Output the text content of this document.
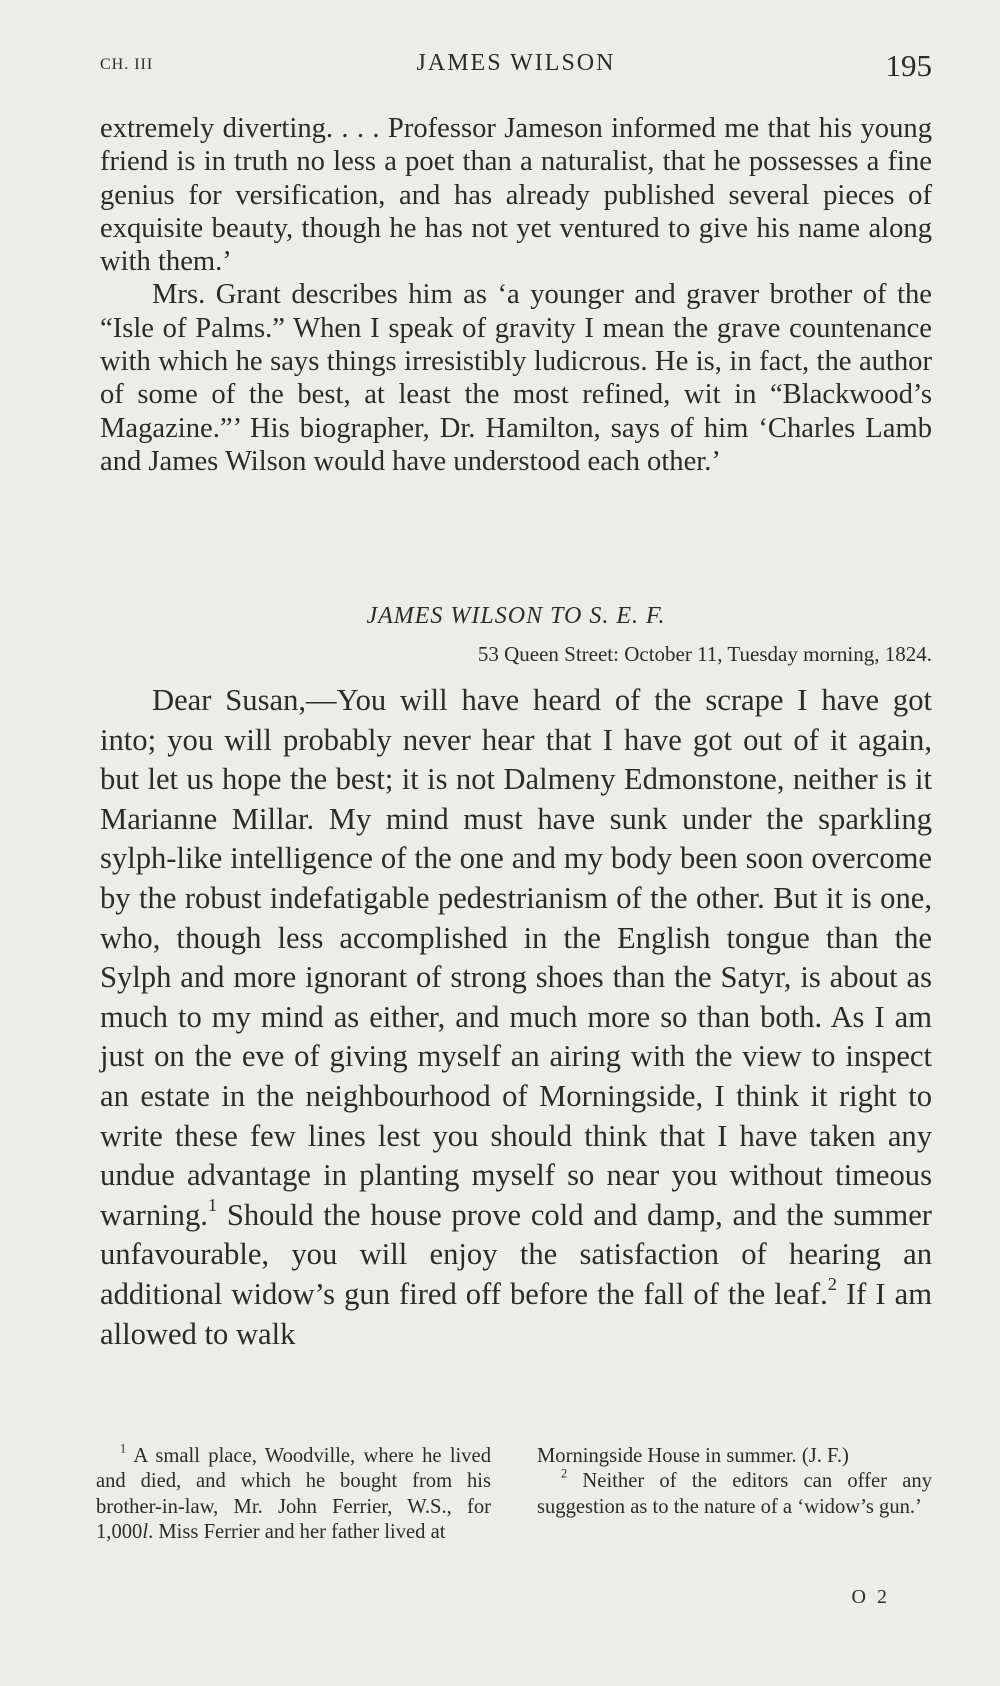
CH. III	JAMES WILSON	195

extremely diverting. . . . Professor Jameson informed me that his young friend is in truth no less a poet than a naturalist, that he possesses a fine genius for versification, and has already published several pieces of exquisite beauty, though he has not yet ventured to give his name along with them.’

Mrs. Grant describes him as ‘a younger and graver brother of the “Isle of Palms.” When I speak of gravity I mean the grave countenance with which he says things irresistibly ludicrous. He is, in fact, the author of some of the best, at least the most refined, wit in “Blackwood’s Magazine.”’ His biographer, Dr. Hamilton, says of him ‘Charles Lamb and James Wilson would have understood each other.’

JAMES WILSON TO S. E. F.
53 Queen Street: October 11, Tuesday morning, 1824.

Dear Susan,—You will have heard of the scrape I have got into; you will probably never hear that I have got out of it again, but let us hope the best; it is not Dalmeny Edmonstone, neither is it Marianne Millar. My mind must have sunk under the sparkling sylph-like intelligence of the one and my body been soon overcome by the robust indefatigable pedestrianism of the other. But it is one, who, though less accomplished in the English tongue than the Sylph and more ignorant of strong shoes than the Satyr, is about as much to my mind as either, and much more so than both. As I am just on the eve of giving myself an airing with the view to inspect an estate in the neighbourhood of Morningside, I think it right to write these few lines lest you should think that I have taken any undue advantage in planting myself so near you without timeous warning.$^1$ Should the house prove cold and damp, and the summer unfavourable, you will enjoy the satisfaction of hearing an additional widow’s gun fired off before the fall of the leaf.$^2$ If I am allowed to walk

$^1$ A small place, Woodville, where he lived and died, and which he bought from his brother-in-law, Mr. John Ferrier, W.S., for 1,000l. Miss Ferrier and her father lived at

Morningside House in summer. (J. F.)

$^2$ Neither of the editors can offer any suggestion as to the nature of a ‘widow’s gun.’

O 2
